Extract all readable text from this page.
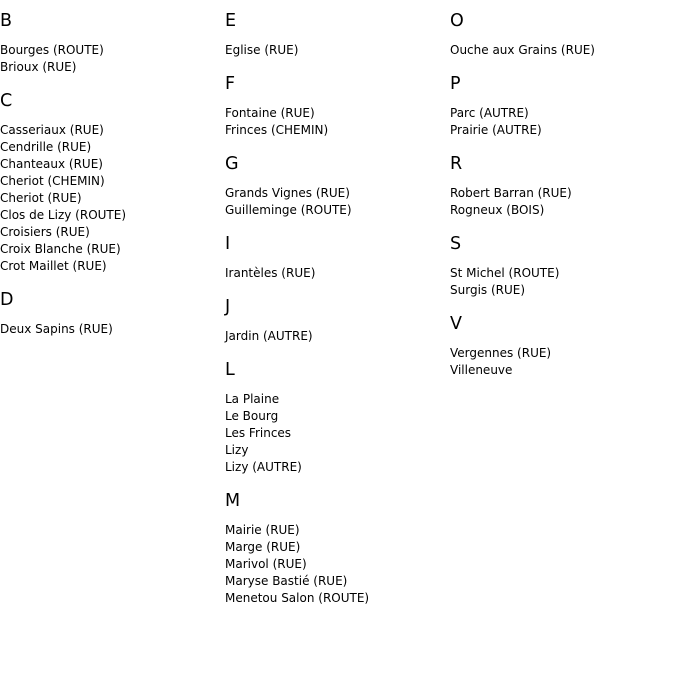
B
Bourges (ROUTE)
Brioux (RUE)
C
Casseriaux (RUE)
Cendrille (RUE)
Chanteaux (RUE)
Cheriot (CHEMIN)
Cheriot (RUE)
Clos de Lizy (ROUTE)
Croisiers (RUE)
Croix Blanche (RUE)
Crot Maillet (RUE)
D
Deux Sapins (RUE)
E
Eglise (RUE)
F
Fontaine (RUE)
Frinces (CHEMIN)
G
Grands Vignes (RUE)
Guilleminge (ROUTE)
I
Irantèles (RUE)
J
Jardin (AUTRE)
L
La Plaine
Le Bourg
Les Frinces
Lizy
Lizy (AUTRE)
M
Mairie (RUE)
Marge (RUE)
Marivol (RUE)
Maryse Bastié (RUE)
Menetou Salon (ROUTE)
O
Ouche aux Grains (RUE)
P
Parc (AUTRE)
Prairie (AUTRE)
R
Robert Barran (RUE)
Rogneux (BOIS)
S
St Michel (ROUTE)
Surgis (RUE)
V
Vergennes (RUE)
Villeneuve
